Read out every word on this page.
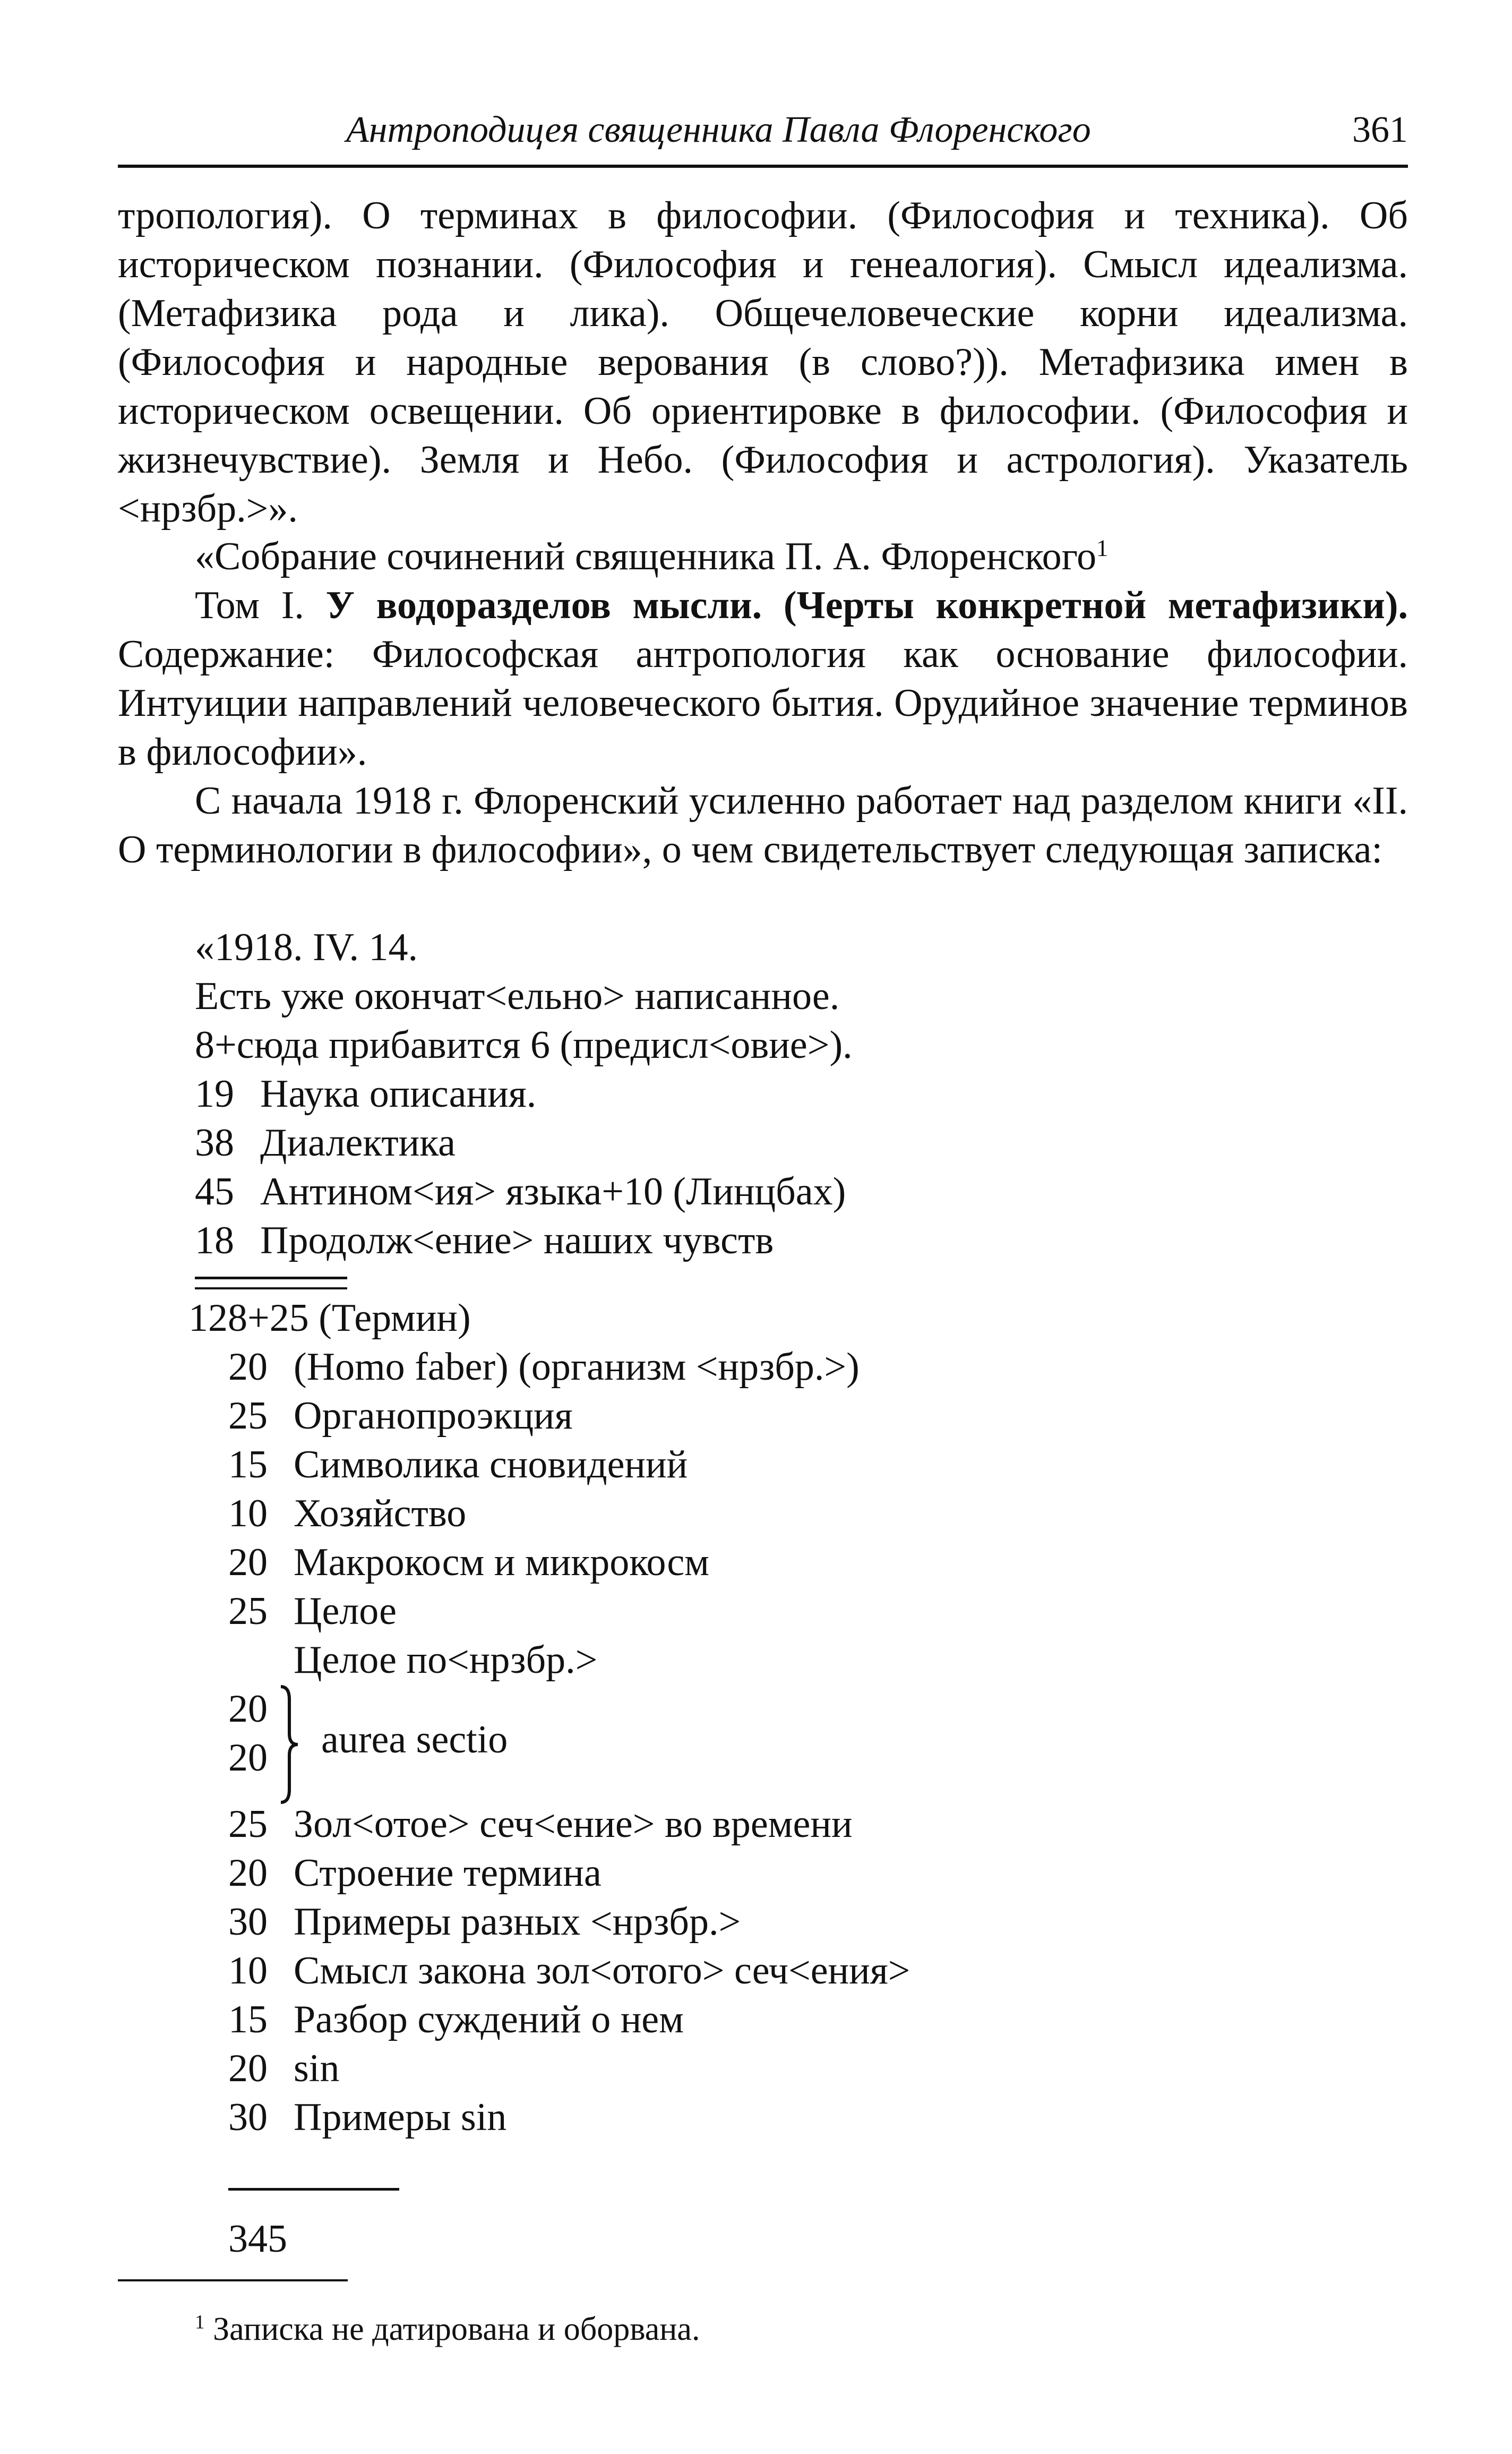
Антроподицея священника Павла Флоренского	361

тропология). О терминах в философии. (Философия и техника). Об историческом познании. (Философия и генеалогия). Смысл идеализма. (Метафизика рода и лика). Общечеловеческие корни идеализма. (Философия и народные верования (в слово?)). Метафизика имен в историческом освещении. Об ориентировке в философии. (Философия и жизнечувствие). Земля и Небо. (Философия и астрология). Указатель <нрзбр.>».

«Собрание сочинений священника П. А. Флоренского$^1$

Том I. У водоразделов мысли. (Черты конкретной метафизики). Содержание: Философская антропология как основание философии. Интуиции направлений человеческого бытия. Орудийное значение терминов в философии».

С начала 1918 г. Флоренский усиленно работает над разделом книги «II. О терминологии в философии», о чем свидетельствует следующая записка:

«1918. IV. 14.

Есть уже окончат<ельно> написанное.

8+сюда прибавится 6 (предисл<овие>).

19 Наука описания.

38 Диалектика

45 Антином<ия> языка+10 (Линцбах)

18 Продолж<ение> наших чувств

128+25 (Термин)

20 (Homo faber) (организм <нрзбр.>)

25 Органопроэкция

15 Символика сновидений

10 Хозяйство

20 Макрокосм и микрокосм

25 Целое

Целое по<нрзбр.>

20
20 aurea sectio

25 Зол<отое> сеч<ение> во времени

20 Строение термина

30 Примеры разных <нрзбр.>

10 Смысл закона зол<отого> сеч<ения>

15 Разбор суждений о нем

20 sin

30 Примеры sin

345

$^1$ Записка не датирована и оборвана.
